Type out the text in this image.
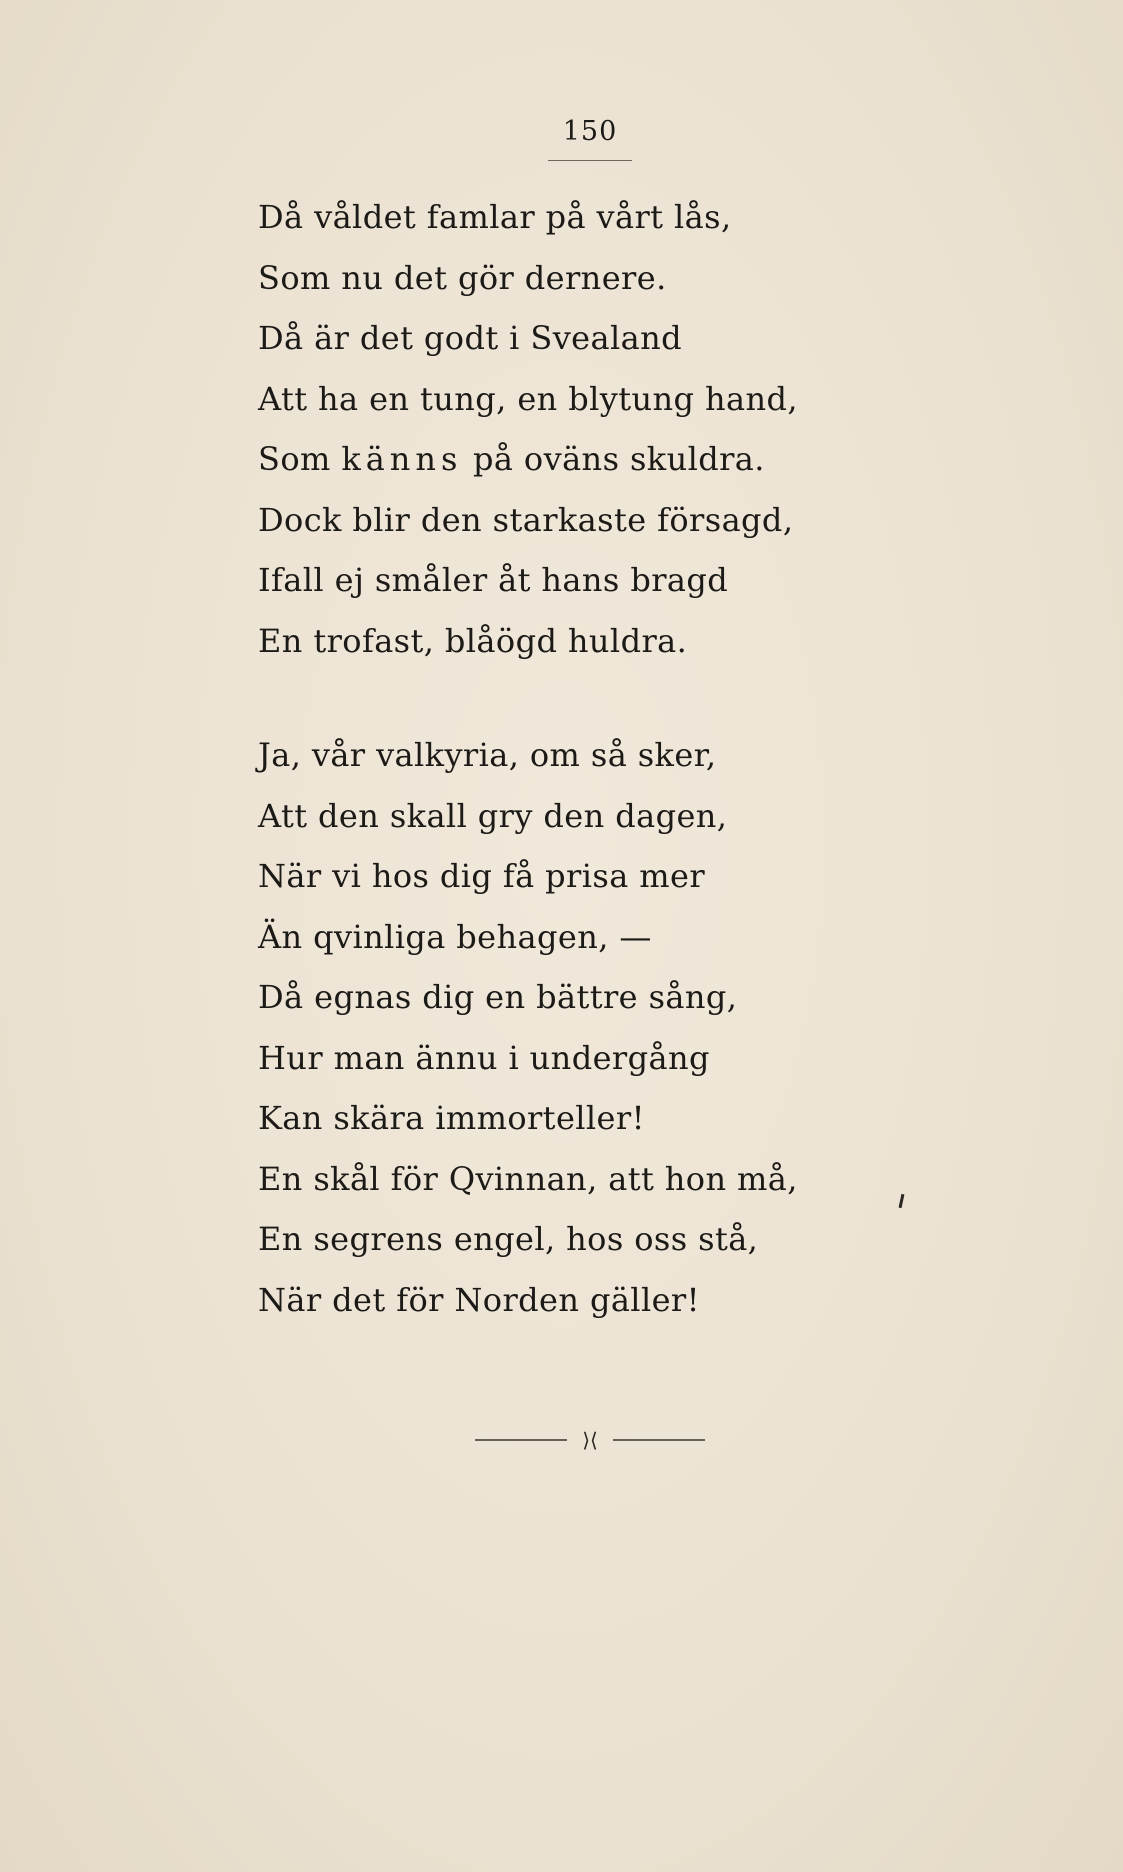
150
Då våldet famlar på vårt lås,
Som nu det gör dernere.
Då är det godt i Svealand
Att ha en tung, en blytung hand,
Som känns på oväns skuldra.
Dock blir den starkaste försagd,
Ifall ej småler åt hans bragd
En trofast, blåögd huldra.
Ja, vår valkyria, om så sker,
Att den skall gry den dagen,
När vi hos dig få prisa mer
Än qvinliga behagen, —
Då egnas dig en bättre sång,
Hur man ännu i undergång
Kan skära immorteller!
En skål för Qvinnan, att hon må,
En segrens engel, hos oss stå,
När det för Norden gäller!
⟩⟨
